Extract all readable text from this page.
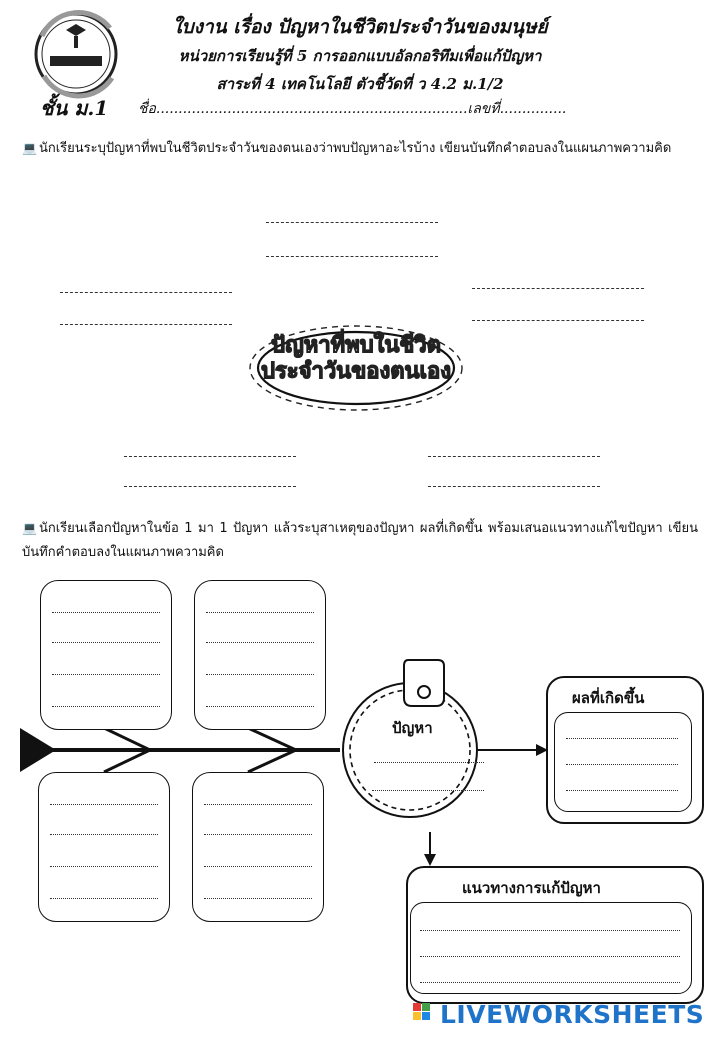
ใบงาน เรื่อง ปัญหาในชีวิตประจำวันของมนุษย์
หน่วยการเรียนรู้ที่ 5 การออกแบบอัลกอริทึมเพื่อแก้ปัญหา
สาระที่ 4 เทคโนโลยี ตัวชี้วัดที่ ว 4.2 ม.1/2
ชั้น ม.1 ชื่อ......................................................................เลขที่...............
💻 นักเรียนระบุปัญหาที่พบในชีวิตประจำวันของตนเองว่าพบปัญหาอะไรบ้าง เขียนบันทึกคำตอบลงในแผนภาพความคิด
ปัญหาที่พบในชีวิต
ประจำวันของตนเอง
💻 นักเรียนเลือกปัญหาในข้อ 1 มา 1 ปัญหา แล้วระบุสาเหตุของปัญหา ผลที่เกิดขึ้น พร้อมเสนอแนวทางแก้ไขปัญหา เขียนบันทึกคำตอบลงในแผนภาพความคิด
ปัญหา
ผลที่เกิดขึ้น
แนวทางการแก้ปัญหา
LIVEWORKSHEETS
